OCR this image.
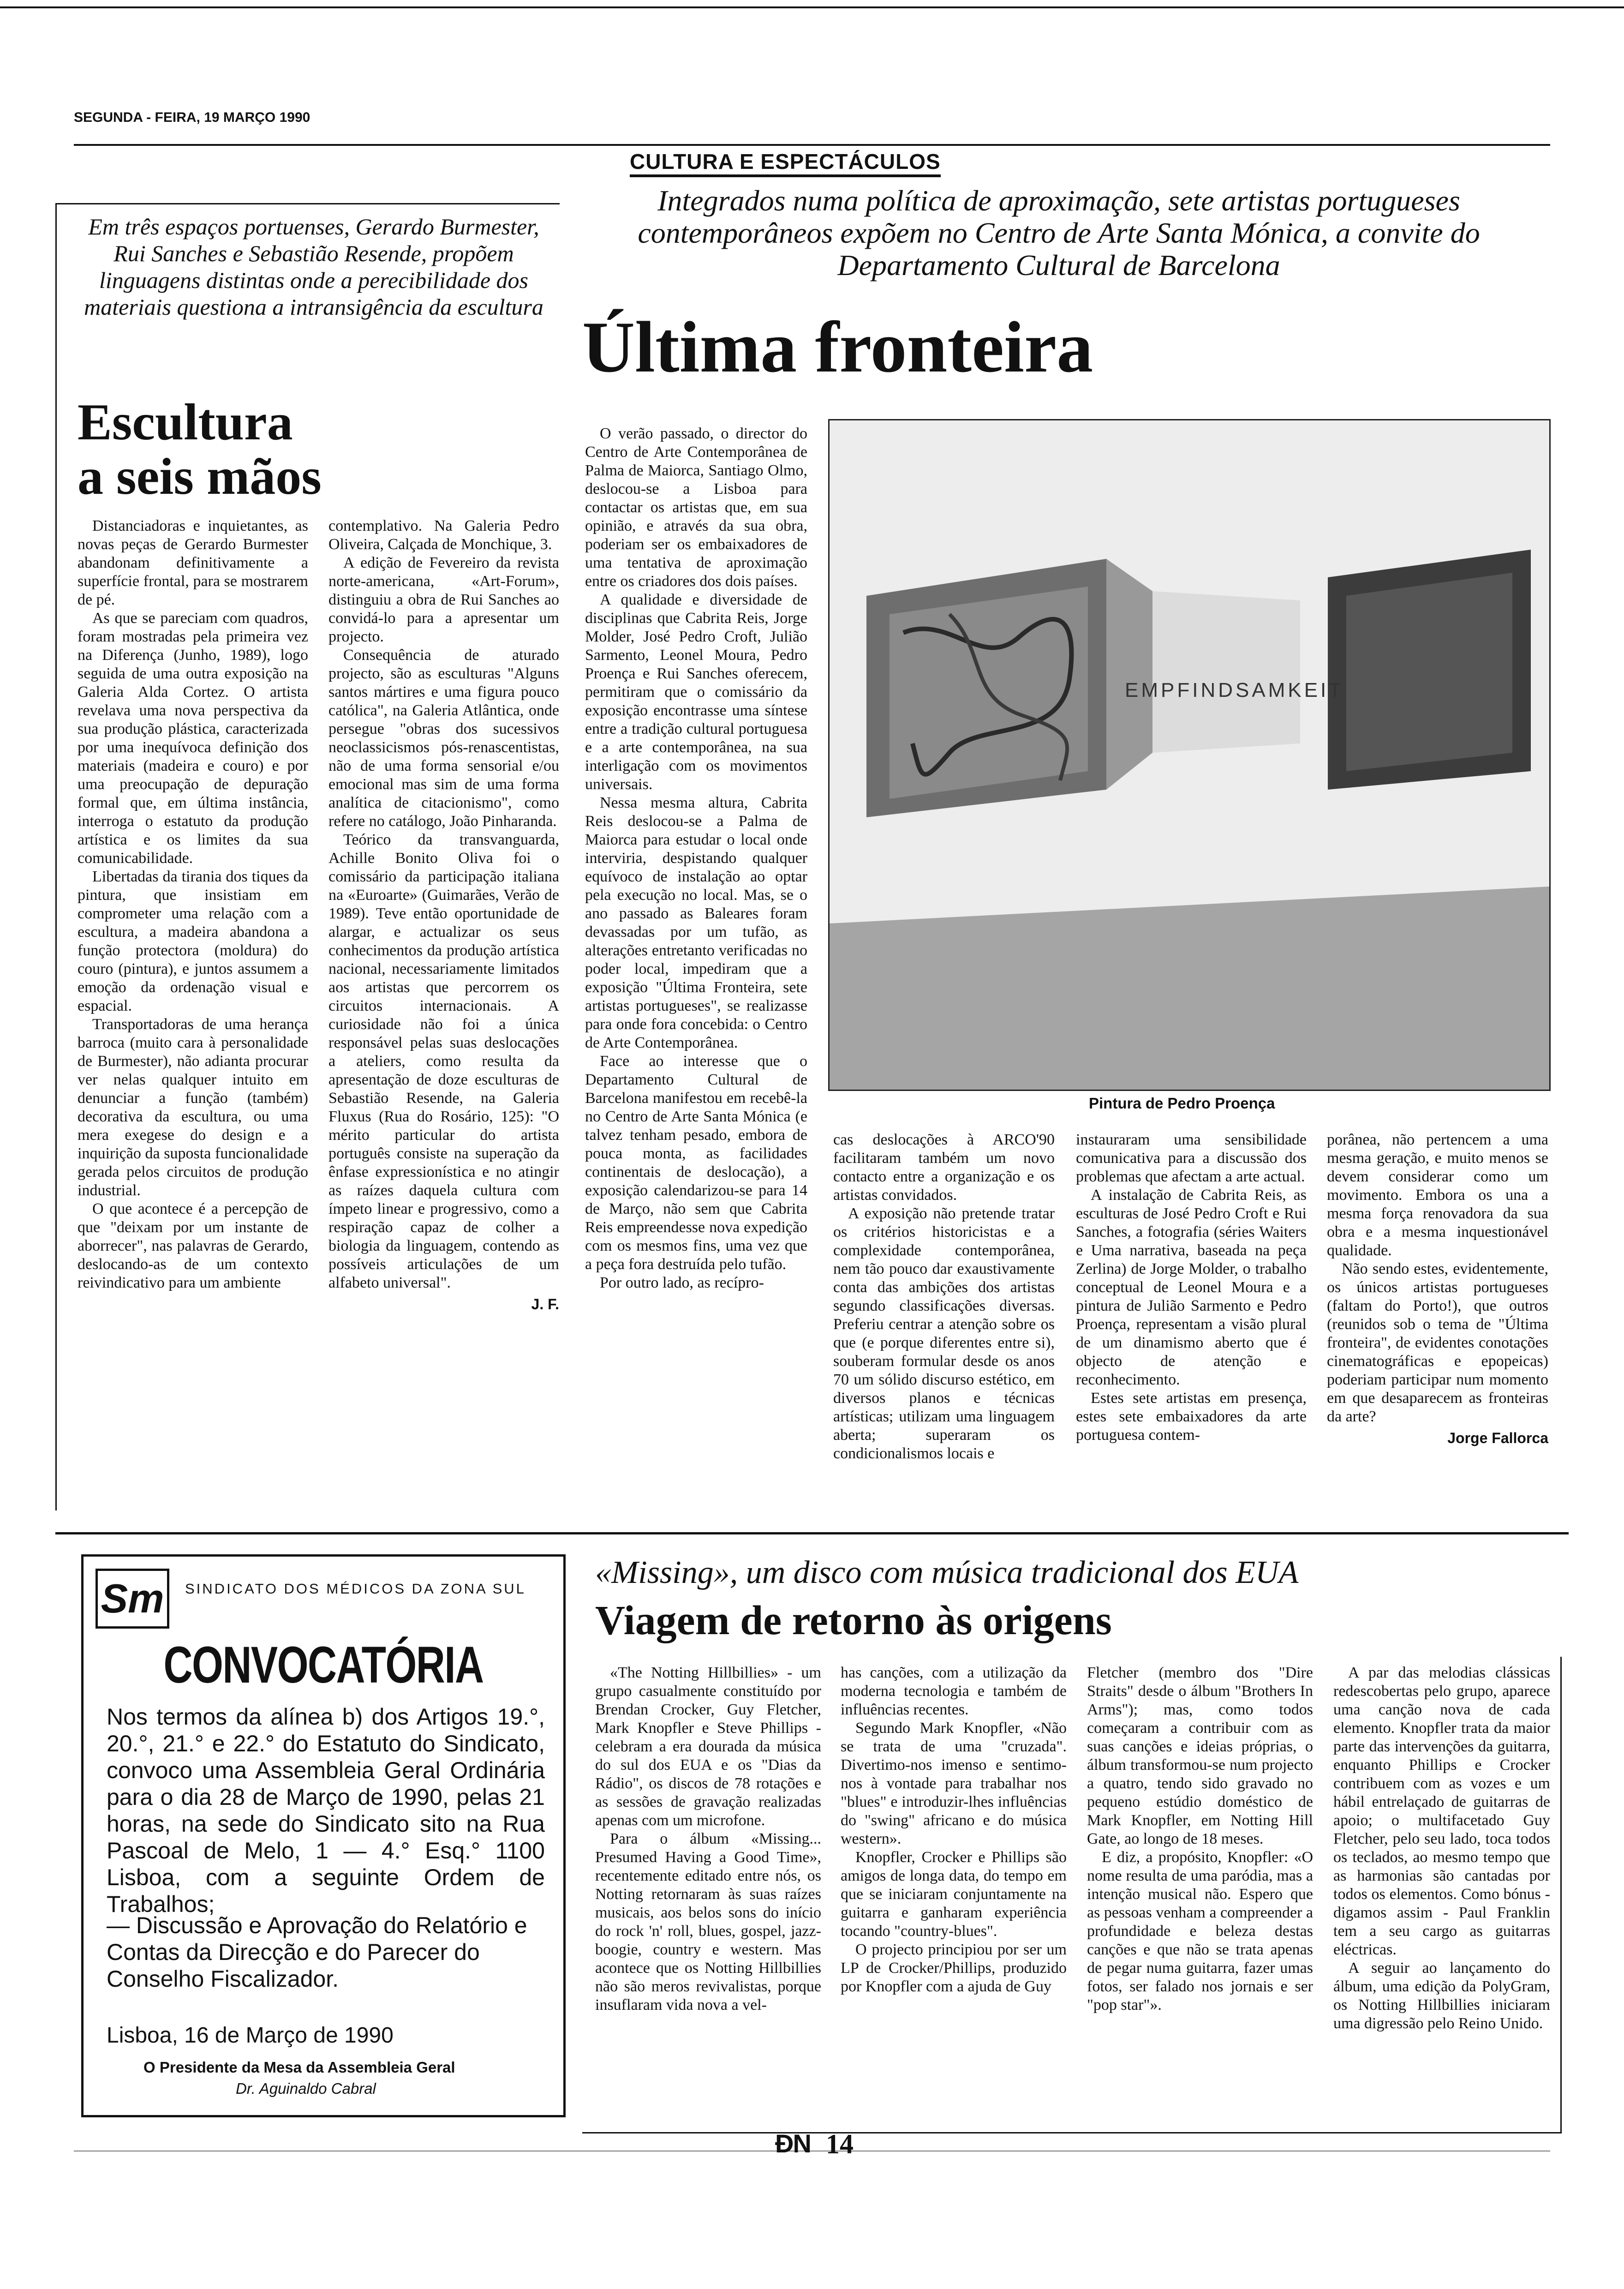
SEGUNDA - FEIRA, 19 MARÇO 1990
CULTURA E ESPECTÁCULOS
Em três espaços portuenses, Gerardo Burmester, Rui Sanches e Sebastião Resende, propõem linguagens distintas onde a perecibilidade dos materiais questiona a intransigência da escultura
Escultura
a seis mãos

Distanciadoras e inquietantes, as novas peças de Gerardo Burmester abandonam definitivamente a superfície frontal, para se mostrarem de pé.

As que se pareciam com quadros, foram mostradas pela primeira vez na Diferença (Junho, 1989), logo seguida de uma outra exposição na Galeria Alda Cortez. O artista revelava uma nova perspectiva da sua produção plástica, caracterizada por uma inequívoca definição dos materiais (madeira e couro) e por uma preocupação de depuração formal que, em última instância, interroga o estatuto da produção artística e os limites da sua comunicabilidade.

Libertadas da tirania dos tiques da pintura, que insistiam em comprometer uma relação com a escultura, a madeira abandona a função protectora (moldura) do couro (pintura), e juntos assumem a emoção da ordenação visual e espacial.

Transportadoras de uma herança barroca (muito cara à personalidade de Burmester), não adianta procurar ver nelas qualquer intuito em denunciar a função (também) decorativa da escultura, ou uma mera exegese do design e a inquirição da suposta funcionalidade gerada pelos circuitos de produção industrial.

O que acontece é a percepção de que "deixam por um instante de aborrecer", nas palavras de Gerardo, deslocando-as de um contexto reivindicativo para um ambiente

contemplativo. Na Galeria Pedro Oliveira, Calçada de Monchique, 3.

A edição de Fevereiro da revista norte-americana, «Art-Forum», distinguiu a obra de Rui Sanches ao convidá-lo para a apresentar um projecto.

Consequência de aturado projecto, são as esculturas "Alguns santos mártires e uma figura pouco católica", na Galeria Atlântica, onde persegue "obras dos sucessivos neoclassicismos pós-renascentistas, não de uma forma sensorial e/ou emocional mas sim de uma forma analítica de citacionismo", como refere no catálogo, João Pinharanda.

Teórico da transvanguarda, Achille Bonito Oliva foi o comissário da participação italiana na «Euroarte» (Guimarães, Verão de 1989). Teve então oportunidade de alargar, e actualizar os seus conhecimentos da produção artística nacional, necessariamente limitados aos artistas que percorrem os circuitos internacionais. A curiosidade não foi a única responsável pelas suas deslocações a ateliers, como resulta da apresentação de doze esculturas de Sebastião Resende, na Galeria Fluxus (Rua do Rosário, 125): "O mérito particular do artista português consiste na superação da ênfase expressionística e no atingir as raízes daquela cultura com ímpeto linear e progressivo, como a respiração capaz de colher a biologia da linguagem, contendo as possíveis articulações de um alfabeto universal".

J. F.
Integrados numa política de aproximação, sete artistas portugueses contemporâneos expõem no Centro de Arte Santa Mónica, a convite do Departamento Cultural de Barcelona
Última fronteira
EMPFINDSAMKEIT
Pintura de Pedro Proença

O verão passado, o director do Centro de Arte Contemporânea de Palma de Maiorca, Santiago Olmo, deslocou-se a Lisboa para contactar os artistas que, em sua opinião, e através da sua obra, poderiam ser os embaixadores de uma tentativa de aproximação entre os criadores dos dois países.

A qualidade e diversidade de disciplinas que Cabrita Reis, Jorge Molder, José Pedro Croft, Julião Sarmento, Leonel Moura, Pedro Proença e Rui Sanches oferecem, permitiram que o comissário da exposição encontrasse uma síntese entre a tradição cultural portuguesa e a arte contemporânea, na sua interligação com os movimentos universais.

Nessa mesma altura, Cabrita Reis deslocou-se a Palma de Maiorca para estudar o local onde interviria, despistando qualquer equívoco de instalação ao optar pela execução no local. Mas, se o ano passado as Baleares foram devassadas por um tufão, as alterações entretanto verificadas no poder local, impediram que a exposição "Última Fronteira, sete artistas portugueses", se realizasse para onde fora concebida: o Centro de Arte Contemporânea.

Face ao interesse que o Departamento Cultural de Barcelona manifestou em recebê-la no Centro de Arte Santa Mónica (e talvez tenham pesado, embora de pouca monta, as facilidades continentais de deslocação), a exposição calendarizou-se para 14 de Março, não sem que Cabrita Reis empreendesse nova expedição com os mesmos fins, uma vez que a peça fora destruída pelo tufão.

Por outro lado, as recípro-

cas deslocações à ARCO'90 facilitaram também um novo contacto entre a organização e os artistas convidados.

A exposição não pretende tratar os critérios historicistas e a complexidade contemporânea, nem tão pouco dar exaustivamente conta das ambições dos artistas segundo classificações diversas. Preferiu centrar a atenção sobre os que (e porque diferentes entre si), souberam formular desde os anos 70 um sólido discurso estético, em diversos planos e técnicas artísticas; utilizam uma linguagem aberta; superaram os condicionalismos locais e

instauraram uma sensibilidade comunicativa para a discussão dos problemas que afectam a arte actual.

A instalação de Cabrita Reis, as esculturas de José Pedro Croft e Rui Sanches, a fotografia (séries Waiters e Uma narrativa, baseada na peça Zerlina) de Jorge Molder, o trabalho conceptual de Leonel Moura e a pintura de Julião Sarmento e Pedro Proença, representam a visão plural de um dinamismo aberto que é objecto de atenção e reconhecimento.

Estes sete artistas em presença, estes sete embaixadores da arte portuguesa contem-

porânea, não pertencem a uma mesma geração, e muito menos se devem considerar como um movimento. Embora os una a mesma força renovadora da sua obra e a mesma inquestionável qualidade.

Não sendo estes, evidentemente, os únicos artistas portugueses (faltam do Porto!), que outros (reunidos sob o tema de "Última fronteira", de evidentes conotações cinematográficas e epopeicas) poderiam participar num momento em que desaparecem as fronteiras da arte?

Jorge Fallorca
Sm	SINDICATO DOS MÉDICOS DA ZONA SUL
CONVOCATÓRIA
Nos termos da alínea b) dos Artigos 19.°, 20.°, 21.° e 22.° do Estatuto do Sindicato, convoco uma Assembleia Geral Ordinária para o dia 28 de Março de 1990, pelas 21 horas, na sede do Sindicato sito na Rua Pascoal de Melo, 1 — 4.° Esq.° 1100 Lisboa, com a seguinte Ordem de Trabalhos;
— Discussão e Aprovação do Relatório e Contas da Direcção e do Parecer do Conselho Fiscalizador.
Lisboa, 16 de Março de 1990
O Presidente da Mesa da Assembleia Geral
Dr. Aguinaldo Cabral
«Missing», um disco com música tradicional dos EUA
Viagem de retorno às origens

«The Notting Hillbillies» - um grupo casualmente constituído por Brendan Crocker, Guy Fletcher, Mark Knopfler e Steve Phillips - celebram a era dourada da música do sul dos EUA e os "Dias da Rádio", os discos de 78 rotações e as sessões de gravação realizadas apenas com um microfone.

Para o álbum «Missing... Presumed Having a Good Time», recentemente editado entre nós, os Notting retornaram às suas raízes musicais, aos belos sons do início do rock 'n' roll, blues, gospel, jazz-boogie, country e western. Mas acontece que os Notting Hillbillies não são meros revivalistas, porque insuflaram vida nova a vel-

has canções, com a utilização da moderna tecnologia e também de influências recentes.

Segundo Mark Knopfler, «Não se trata de uma "cruzada". Divertimo-nos imenso e sentimo-nos à vontade para trabalhar nos "blues" e introduzir-lhes influências do "swing" africano e do música western».

Knopfler, Crocker e Phillips são amigos de longa data, do tempo em que se iniciaram conjuntamente na guitarra e ganharam experiência tocando "country-blues".

O projecto principiou por ser um LP de Crocker/Phillips, produzido por Knopfler com a ajuda de Guy

Fletcher (membro dos "Dire Straits" desde o álbum "Brothers In Arms"); mas, como todos começaram a contribuir com as suas canções e ideias próprias, o álbum transformou-se num projecto a quatro, tendo sido gravado no pequeno estúdio doméstico de Mark Knopfler, em Notting Hill Gate, ao longo de 18 meses.

E diz, a propósito, Knopfler: «O nome resulta de uma paródia, mas a intenção musical não. Espero que as pessoas venham a compreender a profundidade e beleza destas canções e que não se trata apenas de pegar numa guitarra, fazer umas fotos, ser falado nos jornais e ser "pop star"».

A par das melodias clássicas redescobertas pelo grupo, aparece uma canção nova de cada elemento. Knopfler trata da maior parte das intervenções da guitarra, enquanto Phillips e Crocker contribuem com as vozes e um hábil entrelaçado de guitarras de apoio; o multifacetado Guy Fletcher, pelo seu lado, toca todos os teclados, ao mesmo tempo que as harmonias são cantadas por todos os elementos. Como bónus - digamos assim - Paul Franklin tem a seu cargo as guitarras eléctricas.

A seguir ao lançamento do álbum, uma edição da PolyGram, os Notting Hillbillies iniciaram uma digressão pelo Reino Unido.

ÐN 14
